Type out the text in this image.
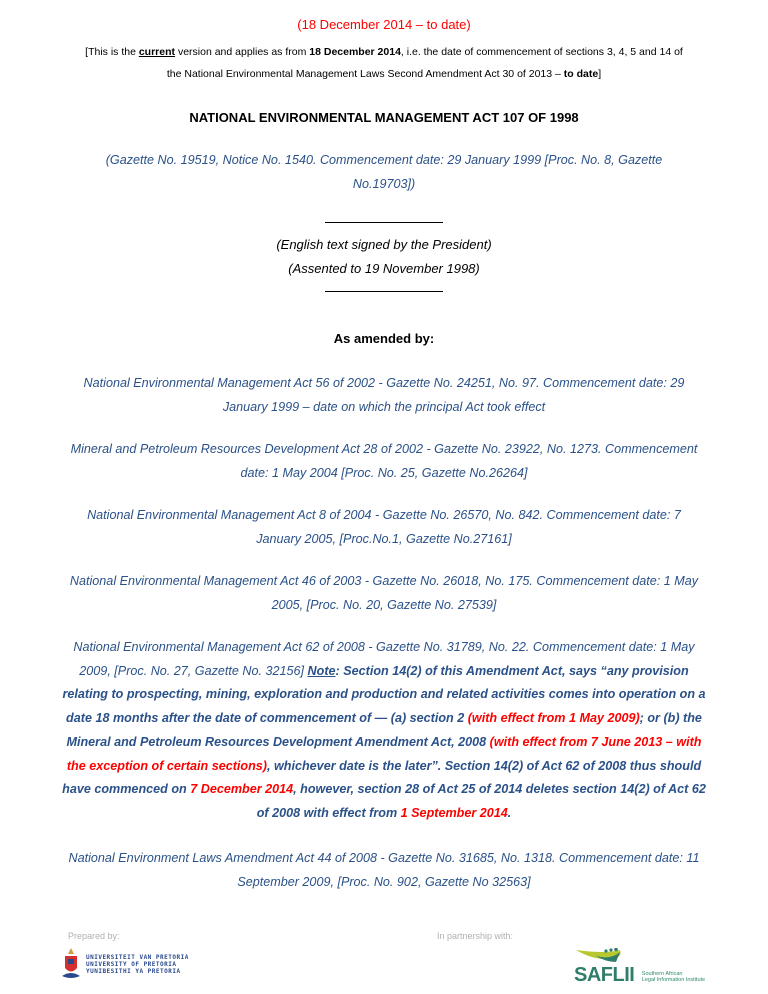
(18 December 2014 – to date)
[This is the current version and applies as from 18 December 2014, i.e. the date of commencement of sections 3, 4, 5 and 14 of the National Environmental Management Laws Second Amendment Act 30 of 2013 – to date]
NATIONAL ENVIRONMENTAL MANAGEMENT ACT 107 OF 1998
(Gazette No. 19519, Notice No. 1540. Commencement date: 29 January 1999 [Proc. No. 8, Gazette No.19703])
(English text signed by the President)
(Assented to 19 November 1998)
As amended by:
National Environmental Management Act 56 of 2002 - Gazette No. 24251, No. 97. Commencement date: 29 January 1999 – date on which the principal Act took effect
Mineral and Petroleum Resources Development Act 28 of 2002 - Gazette No. 23922, No. 1273. Commencement date: 1 May 2004 [Proc. No. 25, Gazette No.26264]
National Environmental Management Act 8 of 2004 - Gazette No. 26570, No. 842. Commencement date: 7 January 2005, [Proc.No.1, Gazette No.27161]
National Environmental Management Act 46 of 2003 - Gazette No. 26018, No. 175. Commencement date: 1 May 2005, [Proc. No. 20, Gazette No. 27539]
National Environmental Management Act 62 of 2008 - Gazette No. 31789, No. 22. Commencement date: 1 May 2009, [Proc. No. 27, Gazette No. 32156] Note: Section 14(2) of this Amendment Act, says “any provision relating to prospecting, mining, exploration and production and related activities comes into operation on a date 18 months after the date of commencement of — (a) section 2 (with effect from 1 May 2009); or (b) the Mineral and Petroleum Resources Development Amendment Act, 2008 (with effect from 7 June 2013 – with the exception of certain sections), whichever date is the later”. Section 14(2) of Act 62 of 2008 thus should have commenced on 7 December 2014, however, section 28 of Act 25 of 2014 deletes section 14(2) of Act 62 of 2008 with effect from 1 September 2014.
National Environment Laws Amendment Act 44 of 2008 - Gazette No. 31685, No. 1318. Commencement date: 11 September 2009, [Proc. No. 902, Gazette No 32563]
Prepared by:	In partnership with:
UNIVERSITEIT VAN PRETORIA
UNIVERSITY OF PRETORIA
YUNIBESITHI YA PRETORIA	SAFLII Southern African
Legal Information Institute
